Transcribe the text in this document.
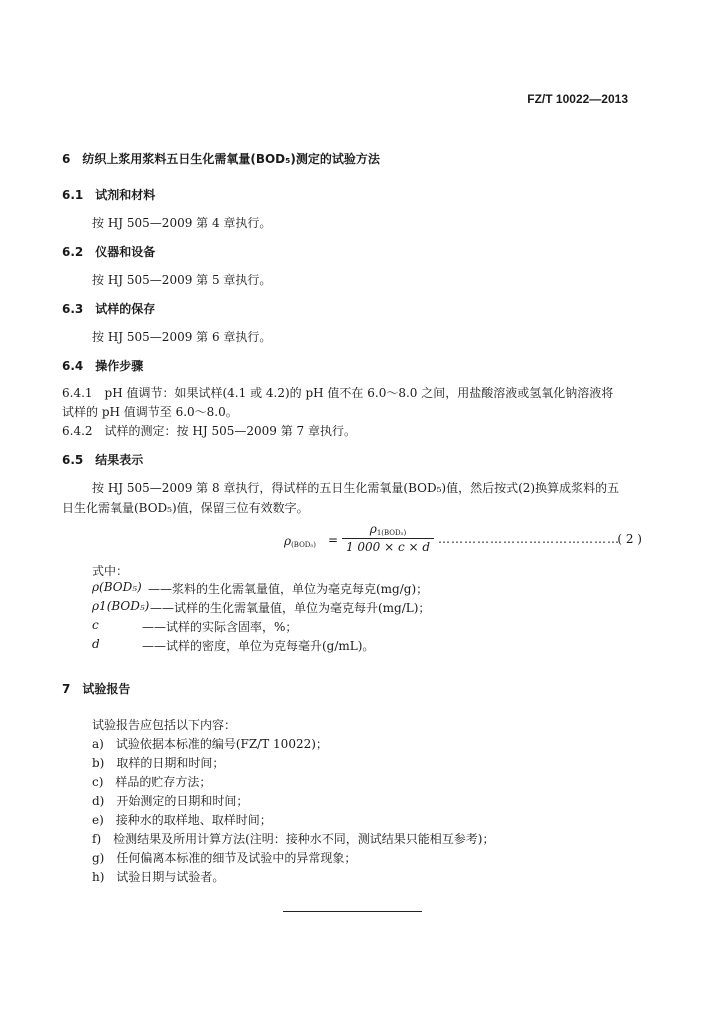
FZ/T 10022—2013
6　纺织上浆用浆料五日生化需氧量(BOD₅)测定的试验方法
6.1　试剂和材料
按 HJ 505—2009 第 4 章执行。
6.2　仪器和设备
按 HJ 505—2009 第 5 章执行。
6.3　试样的保存
按 HJ 505—2009 第 6 章执行。
6.4　操作步骤
6.4.1　pH 值调节：如果试样(4.1 或 4.2)的 pH 值不在 6.0～8.0 之间，用盐酸溶液或氢氧化钠溶液将
试样的 pH 值调节至 6.0～8.0。
6.4.2　试样的测定：按 HJ 505—2009 第 7 章执行。
6.5　结果表示
按 HJ 505—2009 第 8 章执行，得试样的五日生化需氧量(BOD₅)值，然后按式(2)换算成浆料的五
日生化需氧量(BOD₅)值，保留三位有效数字。
$\rho_{(BOD_5)}$ =
$\rho_{1(BOD_5)}$
1 000 × c × d
……………………………………
( 2 )
式中：
ρ(BOD₅) ——浆料的生化需氧量值，单位为毫克每克(mg/g)；
ρ1(BOD₅) ——试样的生化需氧量值，单位为毫克每升(mg/L)；
c	——试样的实际含固率，%；
d	——试样的密度，单位为克每毫升(g/mL)。
7　试验报告
试验报告应包括以下内容：
a)　试验依据本标准的编号(FZ/T 10022)；
b)　取样的日期和时间；
c)　样品的贮存方法；
d)　开始测定的日期和时间；
e)　接种水的取样地、取样时间；
f)　检测结果及所用计算方法(注明：接种水不同，测试结果只能相互参考)；
g)　任何偏离本标准的细节及试验中的异常现象；
h)　试验日期与试验者。
